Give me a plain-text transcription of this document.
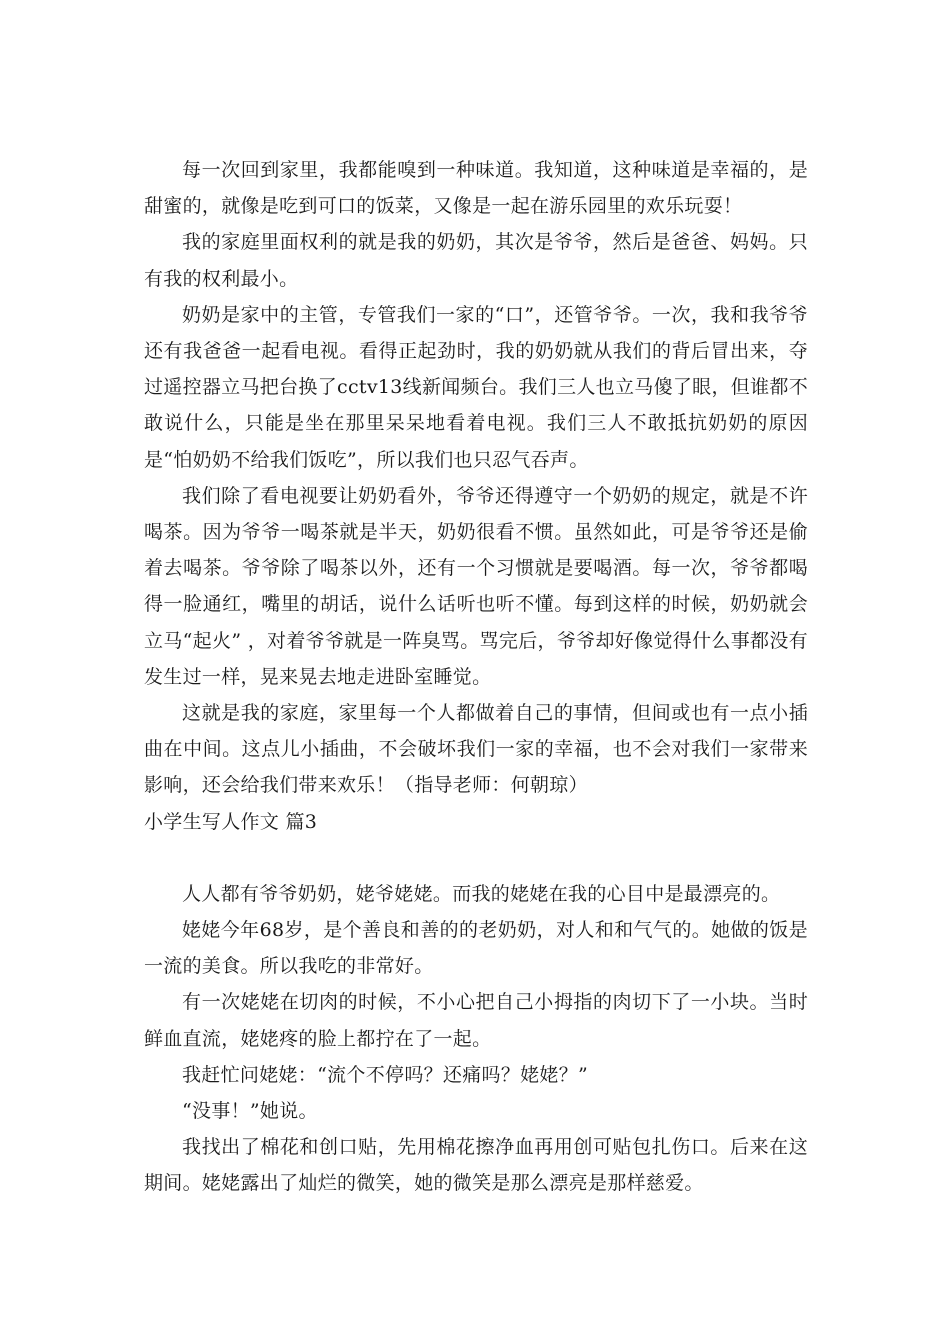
每一次回到家里，我都能嗅到一种味道。我知道，这种味道是幸福的，是甜蜜的，就像是吃到可口的饭菜，又像是一起在游乐园里的欢乐玩耍！

我的家庭里面权利的就是我的奶奶，其次是爷爷，然后是爸爸、妈妈。只有我的权利最小。

奶奶是家中的主管，专管我们一家的“口”，还管爷爷。一次，我和我爷爷还有我爸爸一起看电视。看得正起劲时，我的奶奶就从我们的背后冒出来，夺过遥控器立马把台换了cctv13线新闻频台。我们三人也立马傻了眼，但谁都不敢说什么，只能是坐在那里呆呆地看着电视。我们三人不敢抵抗奶奶的原因是“怕奶奶不给我们饭吃”，所以我们也只忍气吞声。

我们除了看电视要让奶奶看外，爷爷还得遵守一个奶奶的规定，就是不许喝茶。因为爷爷一喝茶就是半天，奶奶很看不惯。虽然如此，可是爷爷还是偷着去喝茶。爷爷除了喝茶以外，还有一个习惯就是要喝酒。每一次，爷爷都喝得一脸通红，嘴里的胡话，说什么话听也听不懂。每到这样的时候，奶奶就会立马“起火” ，对着爷爷就是一阵臭骂。骂完后，爷爷却好像觉得什么事都没有发生过一样，晃来晃去地走进卧室睡觉。

这就是我的家庭，家里每一个人都做着自己的事情，但间或也有一点小插曲在中间。这点儿小插曲，不会破坏我们一家的幸福，也不会对我们一家带来影响，还会给我们带来欢乐！（指导老师：何朝琼）

小学生写人作文 篇3

人人都有爷爷奶奶，姥爷姥姥。而我的姥姥在我的心目中是最漂亮的。

姥姥今年68岁，是个善良和善的的老奶奶，对人和和气气的。她做的饭是一流的美食。所以我吃的非常好。

有一次姥姥在切肉的时候，不小心把自己小拇指的肉切下了一小块。当时鲜血直流，姥姥疼的脸上都拧在了一起。

我赶忙问姥姥：“流个不停吗？还痛吗？姥姥？”

“没事！”她说。

我找出了棉花和创口贴，先用棉花擦净血再用创可贴包扎伤口。后来在这期间。姥姥露出了灿烂的微笑，她的微笑是那么漂亮是那样慈爱。
